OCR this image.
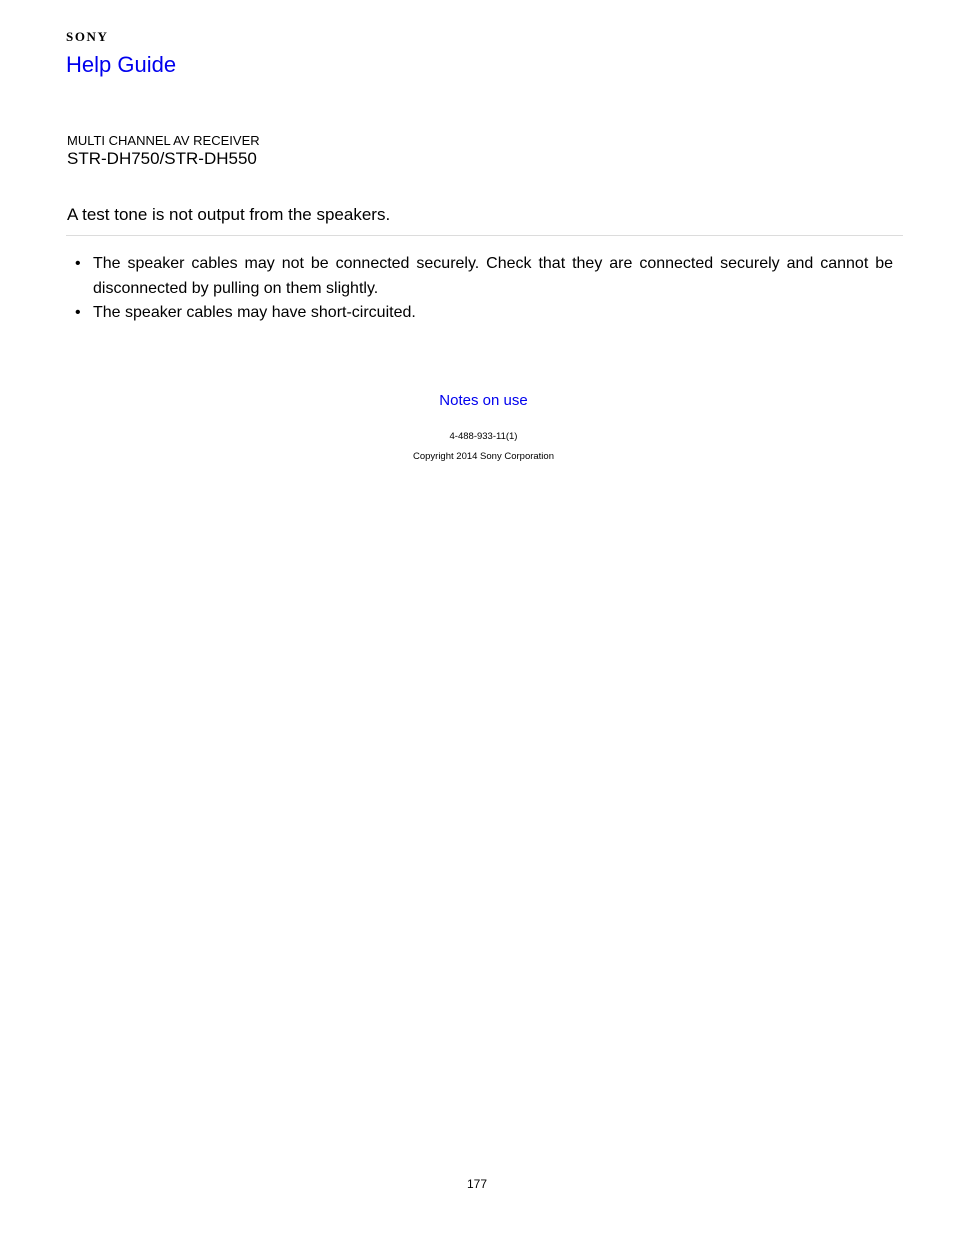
SONY
Help Guide
MULTI CHANNEL AV RECEIVER
STR-DH750/STR-DH550
A test tone is not output from the speakers.
• The speaker cables may not be connected securely. Check that they are connected securely and cannot be disconnected by pulling on them slightly.
• The speaker cables may have short-circuited.
Notes on use
4-488-933-11(1)
Copyright 2014 Sony Corporation
177
